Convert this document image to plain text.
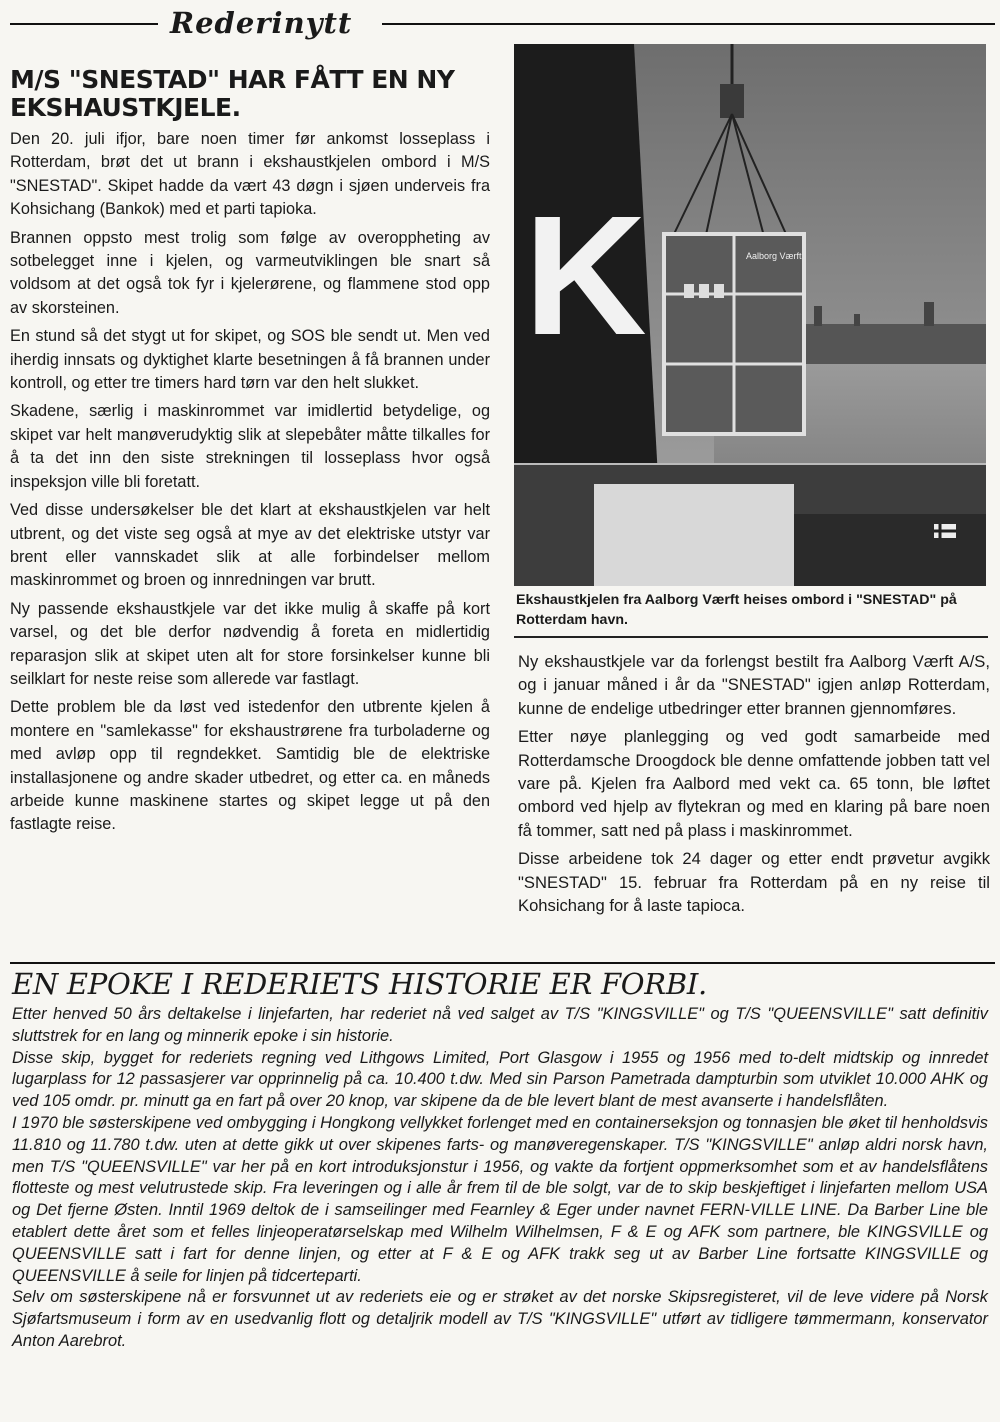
Rederinytt
M/S "SNESTAD" HAR FÅTT EN NY
EKSHAUSTKJELE.

Den 20. juli ifjor, bare noen timer før ankomst losseplass i Rotterdam, brøt det ut brann i ekshaustkjelen ombord i M/S "SNESTAD". Skipet hadde da vært 43 døgn i sjøen underveis fra Kohsichang (Bankok) med et parti tapioka.

Brannen oppsto mest trolig som følge av overoppheting av sotbelegget inne i kjelen, og varmeutviklingen ble snart så voldsom at det også tok fyr i kjelerørene, og flammene stod opp av skorsteinen.

En stund så det stygt ut for skipet, og SOS ble sendt ut. Men ved iherdig innsats og dyktighet klarte besetningen å få brannen under kontroll, og etter tre timers hard tørn var den helt slukket.

Skadene, særlig i maskinrommet var imidlertid betydelige, og skipet var helt manøverudyktig slik at slepebåter måtte tilkalles for å ta det inn den siste strekningen til losseplass hvor også inspeksjon ville bli foretatt.

Ved disse undersøkelser ble det klart at ekshaustkjelen var helt utbrent, og det viste seg også at mye av det elektriske utstyr var brent eller vannskadet slik at alle forbindelser mellom maskinrommet og broen og innredningen var brutt.

Ny passende ekshaustkjele var det ikke mulig å skaffe på kort varsel, og det ble derfor nødvendig å foreta en midlertidig reparasjon slik at skipet uten alt for store forsinkelser kunne bli seilklart for neste reise som allerede var fastlagt.

Dette problem ble da løst ved istedenfor den utbrente kjelen å montere en "samlekasse" for ekshaustrørene fra turboladerne og med avløp opp til regndekket. Samtidig ble de elektriske installasjonene og andre skader utbedret, og etter ca. en måneds arbeide kunne maskinene startes og skipet legge ut på den fastlagte reise.

K	Aalborg Værft
Ekshaustkjelen fra Aalborg Værft heises ombord i "SNESTAD" på Rotterdam havn.

Ny ekshaustkjele var da forlengst bestilt fra Aalborg Værft A/S, og i januar måned i år da "SNESTAD" igjen anløp Rotterdam, kunne de endelige utbedringer etter brannen gjennomføres.

Etter nøye planlegging og ved godt samarbeide med Rotterdamsche Droogdock ble denne omfattende jobben tatt vel vare på. Kjelen fra Aalbord med vekt ca. 65 tonn, ble løftet ombord ved hjelp av flytekran og med en klaring på bare noen få tommer, satt ned på plass i maskinrommet.

Disse arbeidene tok 24 dager og etter endt prøvetur avgikk "SNESTAD" 15. februar fra Rotterdam på en ny reise til Kohsichang for å laste tapioca.

EN EPOKE I REDERIETS HISTORIE ER FORBI.

Etter henved 50 års deltakelse i linjefarten, har rederiet nå ved salget av T/S "KINGSVILLE" og T/S "QUEENSVILLE" satt definitiv sluttstrek for en lang og minnerik epoke i sin historie.

Disse skip, bygget for rederiets regning ved Lithgows Limited, Port Glasgow i 1955 og 1956 med to-delt midtskip og innredet lugarplass for 12 passasjerer var opprinnelig på ca. 10.400 t.dw. Med sin Parson Pametrada dampturbin som utviklet 10.000 AHK og ved 105 omdr. pr. minutt ga en fart på over 20 knop, var skipene da de ble levert blant de mest avanserte i handelsflåten.

I 1970 ble søsterskipene ved ombygging i Hongkong vellykket forlenget med en containerseksjon og tonnasjen ble øket til henholdsvis 11.810 og 11.780 t.dw. uten at dette gikk ut over skipenes farts- og manøveregenskaper. T/S "KINGSVILLE" anløp aldri norsk havn, men T/S "QUEENSVILLE" var her på en kort introduksjonstur i 1956, og vakte da fortjent oppmerksomhet som et av handelsflåtens flotteste og mest velutrustede skip. Fra leveringen og i alle år frem til de ble solgt, var de to skip beskjeftiget i linjefarten mellom USA og Det fjerne Østen. Inntil 1969 deltok de i samseilinger med Fearnley & Eger under navnet FERN-VILLE LINE. Da Barber Line ble etablert dette året som et felles linjeoperatørselskap med Wilhelm Wilhelmsen, F & E og AFK som partnere, ble KINGSVILLE og QUEENSVILLE satt i fart for denne linjen, og etter at F & E og AFK trakk seg ut av Barber Line fortsatte KINGSVILLE og QUEENSVILLE å seile for linjen på tidcerteparti.

Selv om søsterskipene nå er forsvunnet ut av rederiets eie og er strøket av det norske Skipsregisteret, vil de leve videre på Norsk Sjøfartsmuseum i form av en usedvanlig flott og detaljrik modell av T/S "KINGSVILLE" utført av tidligere tømmermann, konservator Anton Aarebrot.
